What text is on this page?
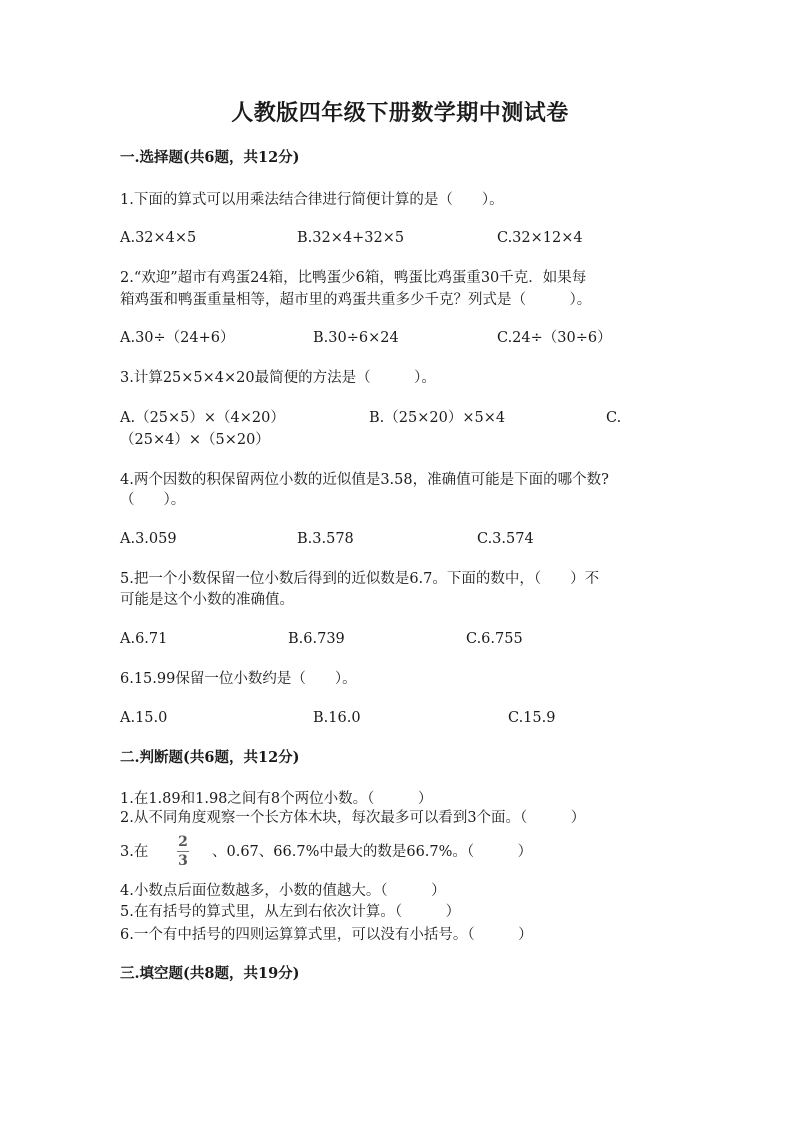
人教版四年级下册数学期中测试卷
一.选择题(共6题，共12分)
1.下面的算式可以用乘法结合律进行简便计算的是（　　）。
A.32×4×5	B.32×4+32×5	C.32×12×4
2.“欢迎”超市有鸡蛋24箱，比鸭蛋少6箱，鸭蛋比鸡蛋重30千克．如果每
箱鸡蛋和鸭蛋重量相等，超市里的鸡蛋共重多少千克？列式是（　　　）。
A.30÷（24+6）	B.30÷6×24	C.24÷（30÷6）
3.计算25×5×4×20最简便的方法是（　　　）。
A.（25×5）×（4×20）	B.（25×20）×5×4	C.
（25×4）×（5×20）
4.两个因数的积保留两位小数的近似值是3.58，准确值可能是下面的哪个数?
（　　）。
A.3.059	B.3.578	C.3.574
5.把一个小数保留一位小数后得到的近似数是6.7。下面的数中，（　　）不
可能是这个小数的准确值。
A.6.71	B.6.739	C.6.755
6.15.99保留一位小数约是（　　）。
A.15.0	B.16.0	C.15.9
二.判断题(共6题，共12分)
1.在1.89和1.98之间有8个两位小数。（　　　）
2.从不同角度观察一个长方体木块，每次最多可以看到3个面。（　　　）
3.在
2
3
、0.67、66.7%中最大的数是66.7%。（　　　）
4.小数点后面位数越多，小数的值越大。（　　　）
5.在有括号的算式里，从左到右依次计算。（　　　）
6.一个有中括号的四则运算算式里，可以没有小括号。（　　　）
三.填空题(共8题，共19分)
